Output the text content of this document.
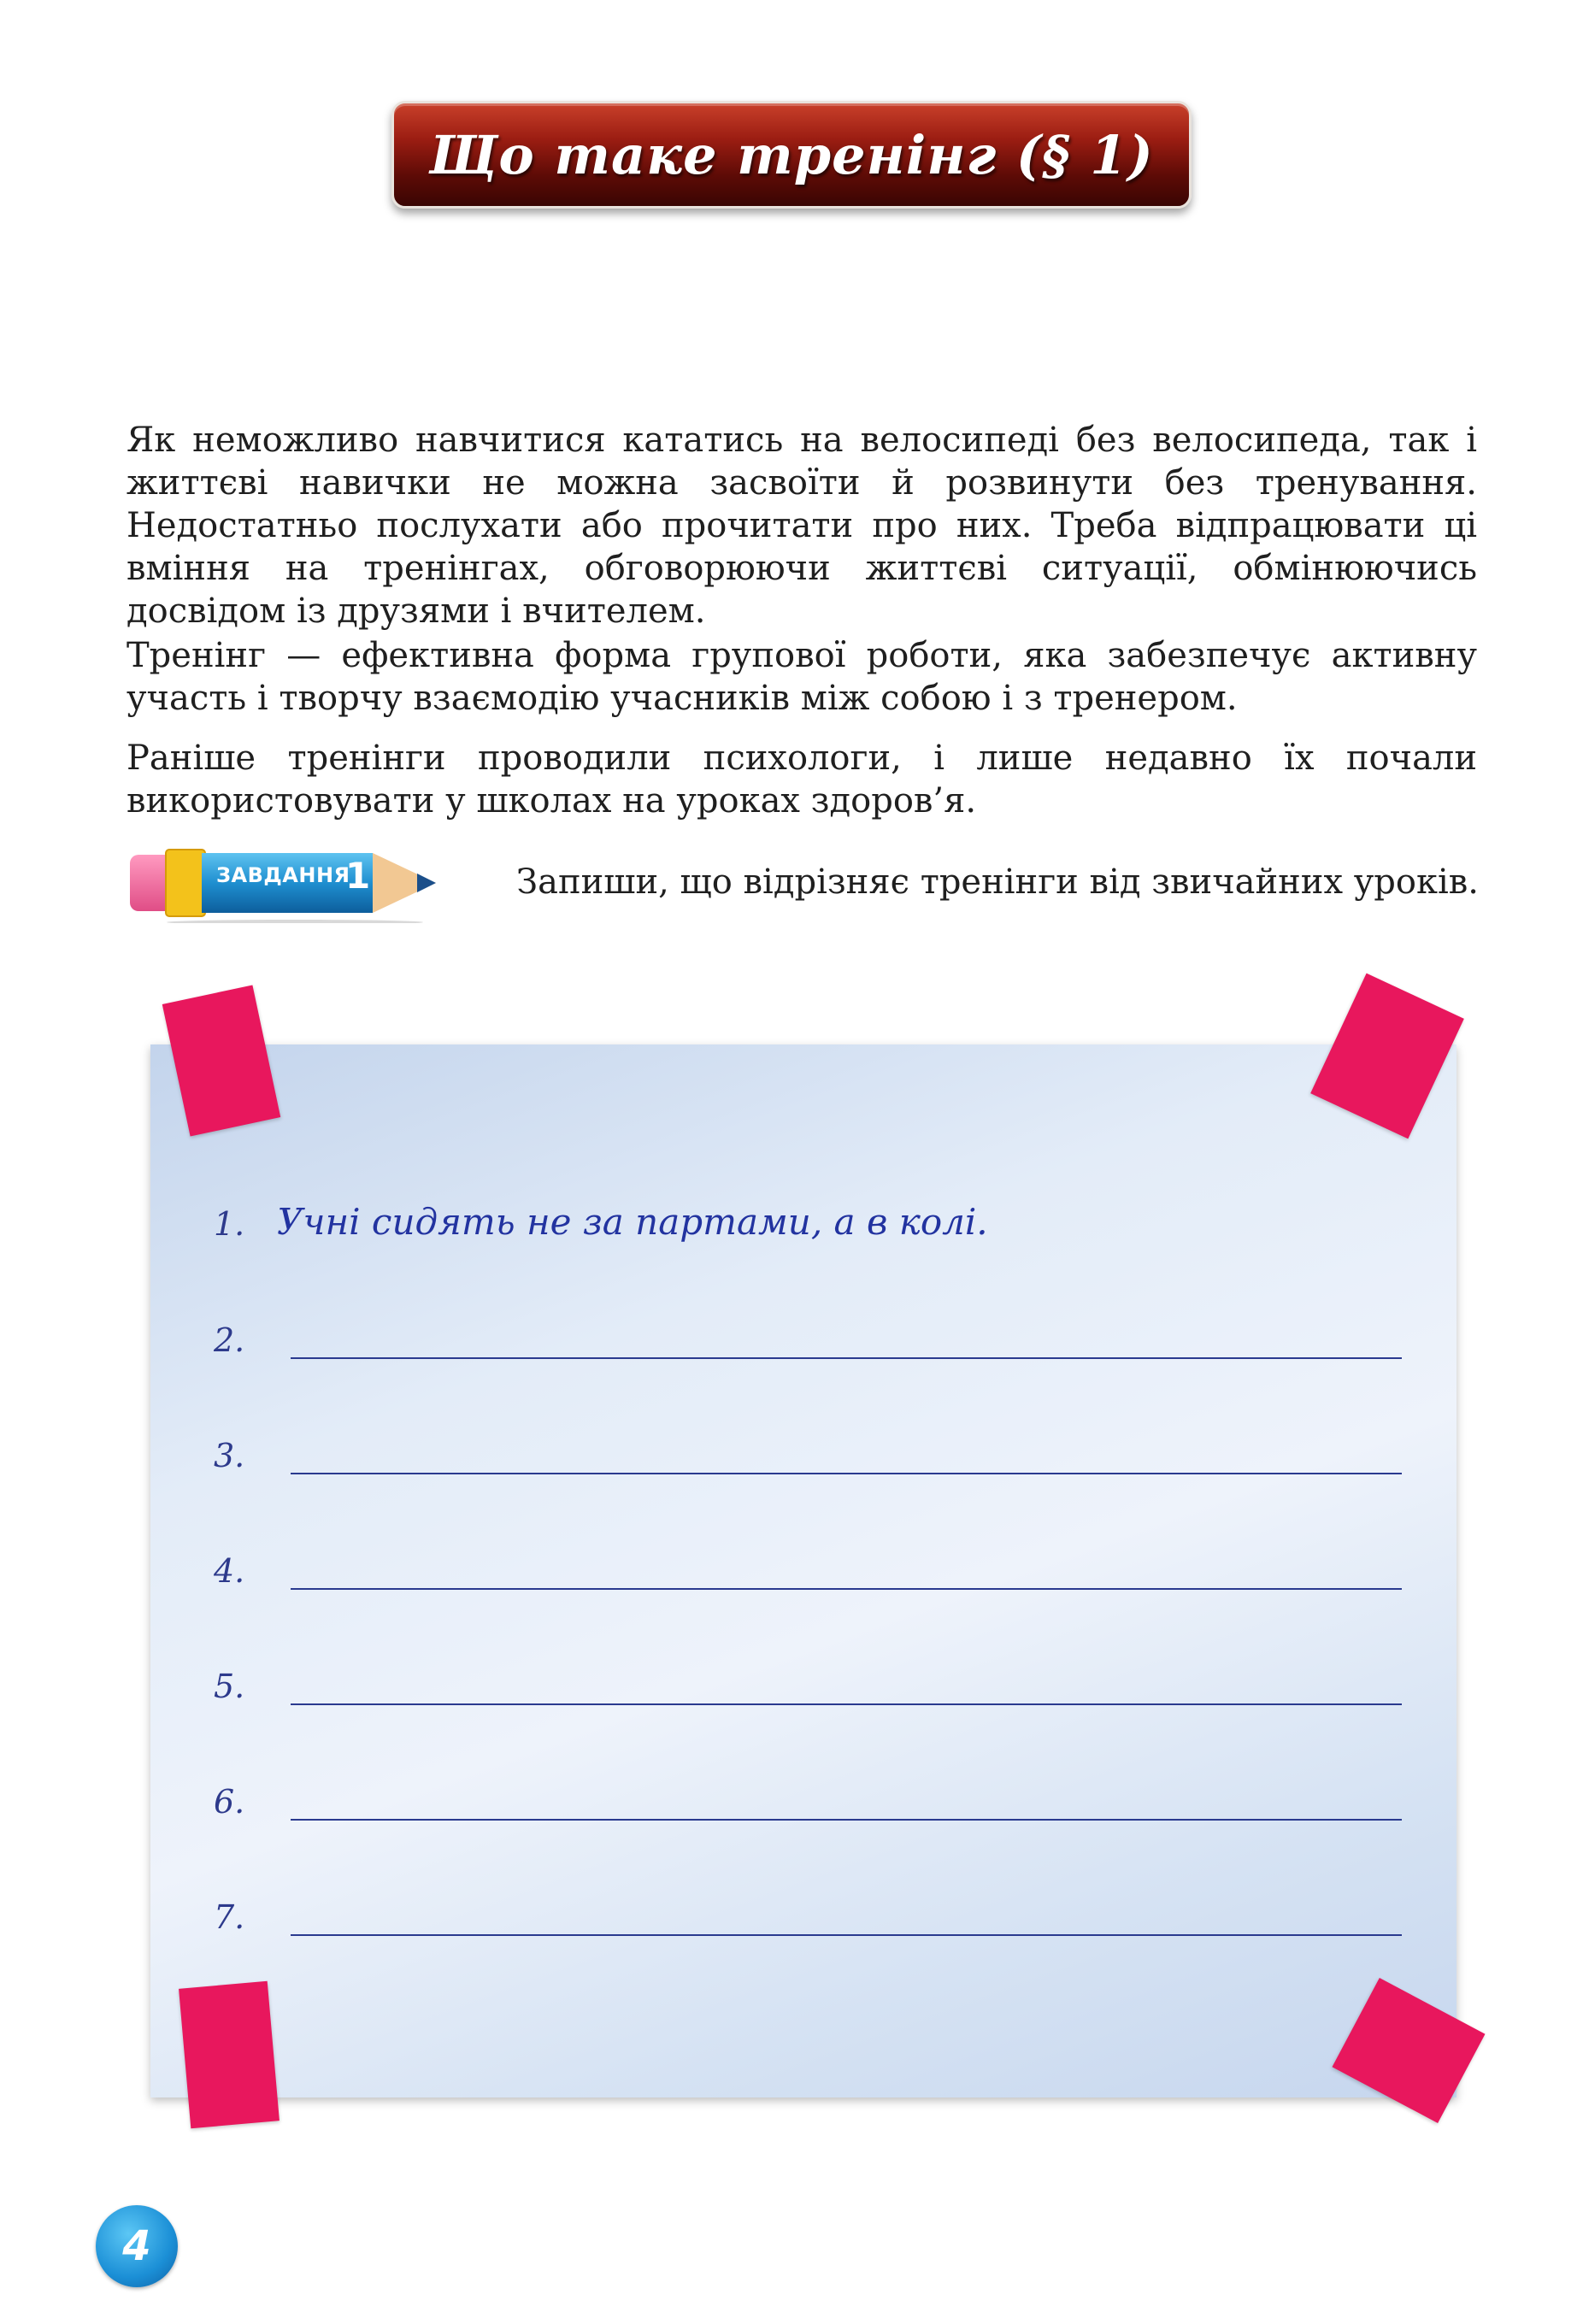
Що таке тренінг (§ 1)

Як неможливо навчитися кататись на велосипеді без велосипеда, так і життєві навички не можна засвоїти й розвинути без тренування. Недостатньо послухати або прочитати про них. Треба відпрацювати ці вміння на тренінгах, обговорюючи життєві ситуації, обмінюючись досвідом із друзями і вчителем.

Тренінг — ефективна форма групової роботи, яка забезпечує активну участь і творчу взаємодію учасників між собою і з тренером.

Раніше тренінги проводили психологи, і лише недавно їх почали використовувати у школах на уроках здоров’я.

ЗАВДАННЯ
1	Запиши, що відрізняє тренінги від звичайних уроків.

1. Учні сидять не за партами, а в колі.
2.
3.
4.
5.
6.
7.
4
